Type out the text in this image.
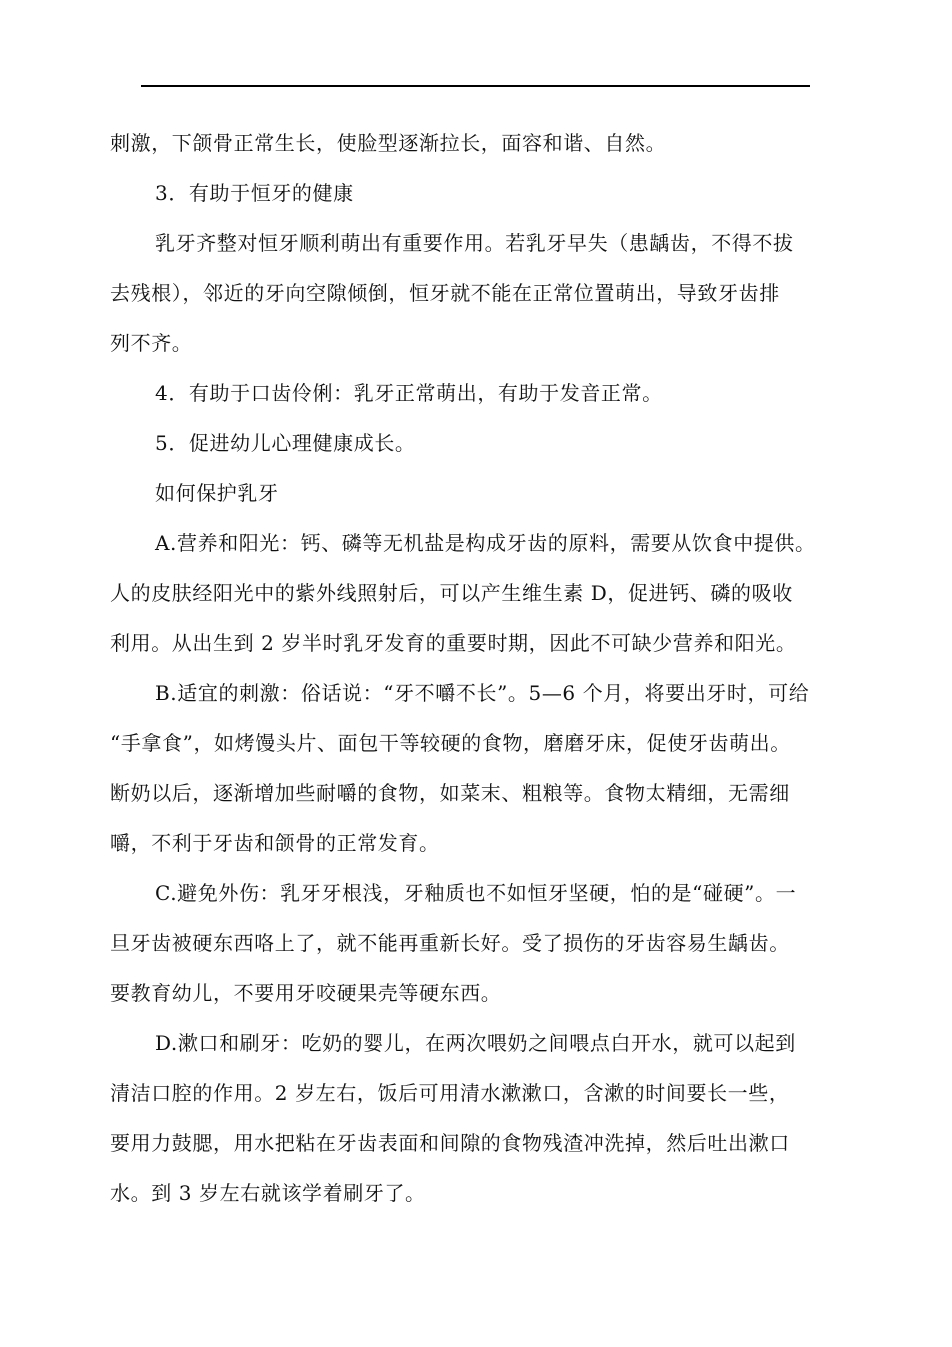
刺激，下颌骨正常生长，使脸型逐渐拉长，面容和谐、自然。
3．有助于恒牙的健康
乳牙齐整对恒牙顺利萌出有重要作用。若乳牙早失（患龋齿，不得不拔
去残根），邻近的牙向空隙倾倒，恒牙就不能在正常位置萌出，导致牙齿排
列不齐。
4．有助于口齿伶俐：乳牙正常萌出，有助于发音正常。
5．促进幼儿心理健康成长。
如何保护乳牙
A.营养和阳光：钙、磷等无机盐是构成牙齿的原料，需要从饮食中提供。
人的皮肤经阳光中的紫外线照射后，可以产生维生素 D，促进钙、磷的吸收
利用。从出生到 2 岁半时乳牙发育的重要时期，因此不可缺少营养和阳光。
B.适宜的刺激：俗话说：“牙不嚼不长”。5—6 个月，将要出牙时，可给
“手拿食”，如烤馒头片、面包干等较硬的食物，磨磨牙床，促使牙齿萌出。
断奶以后，逐渐增加些耐嚼的食物，如菜末、粗粮等。食物太精细，无需细
嚼，不利于牙齿和颌骨的正常发育。
C.避免外伤：乳牙牙根浅，牙釉质也不如恒牙坚硬，怕的是“碰硬”。一
旦牙齿被硬东西咯上了，就不能再重新长好。受了损伤的牙齿容易生龋齿。
要教育幼儿，不要用牙咬硬果壳等硬东西。
D.漱口和刷牙：吃奶的婴儿，在两次喂奶之间喂点白开水，就可以起到
清洁口腔的作用。2 岁左右，饭后可用清水漱漱口，含漱的时间要长一些，
要用力鼓腮，用水把粘在牙齿表面和间隙的食物残渣冲洗掉，然后吐出漱口
水。到 3 岁左右就该学着刷牙了。
